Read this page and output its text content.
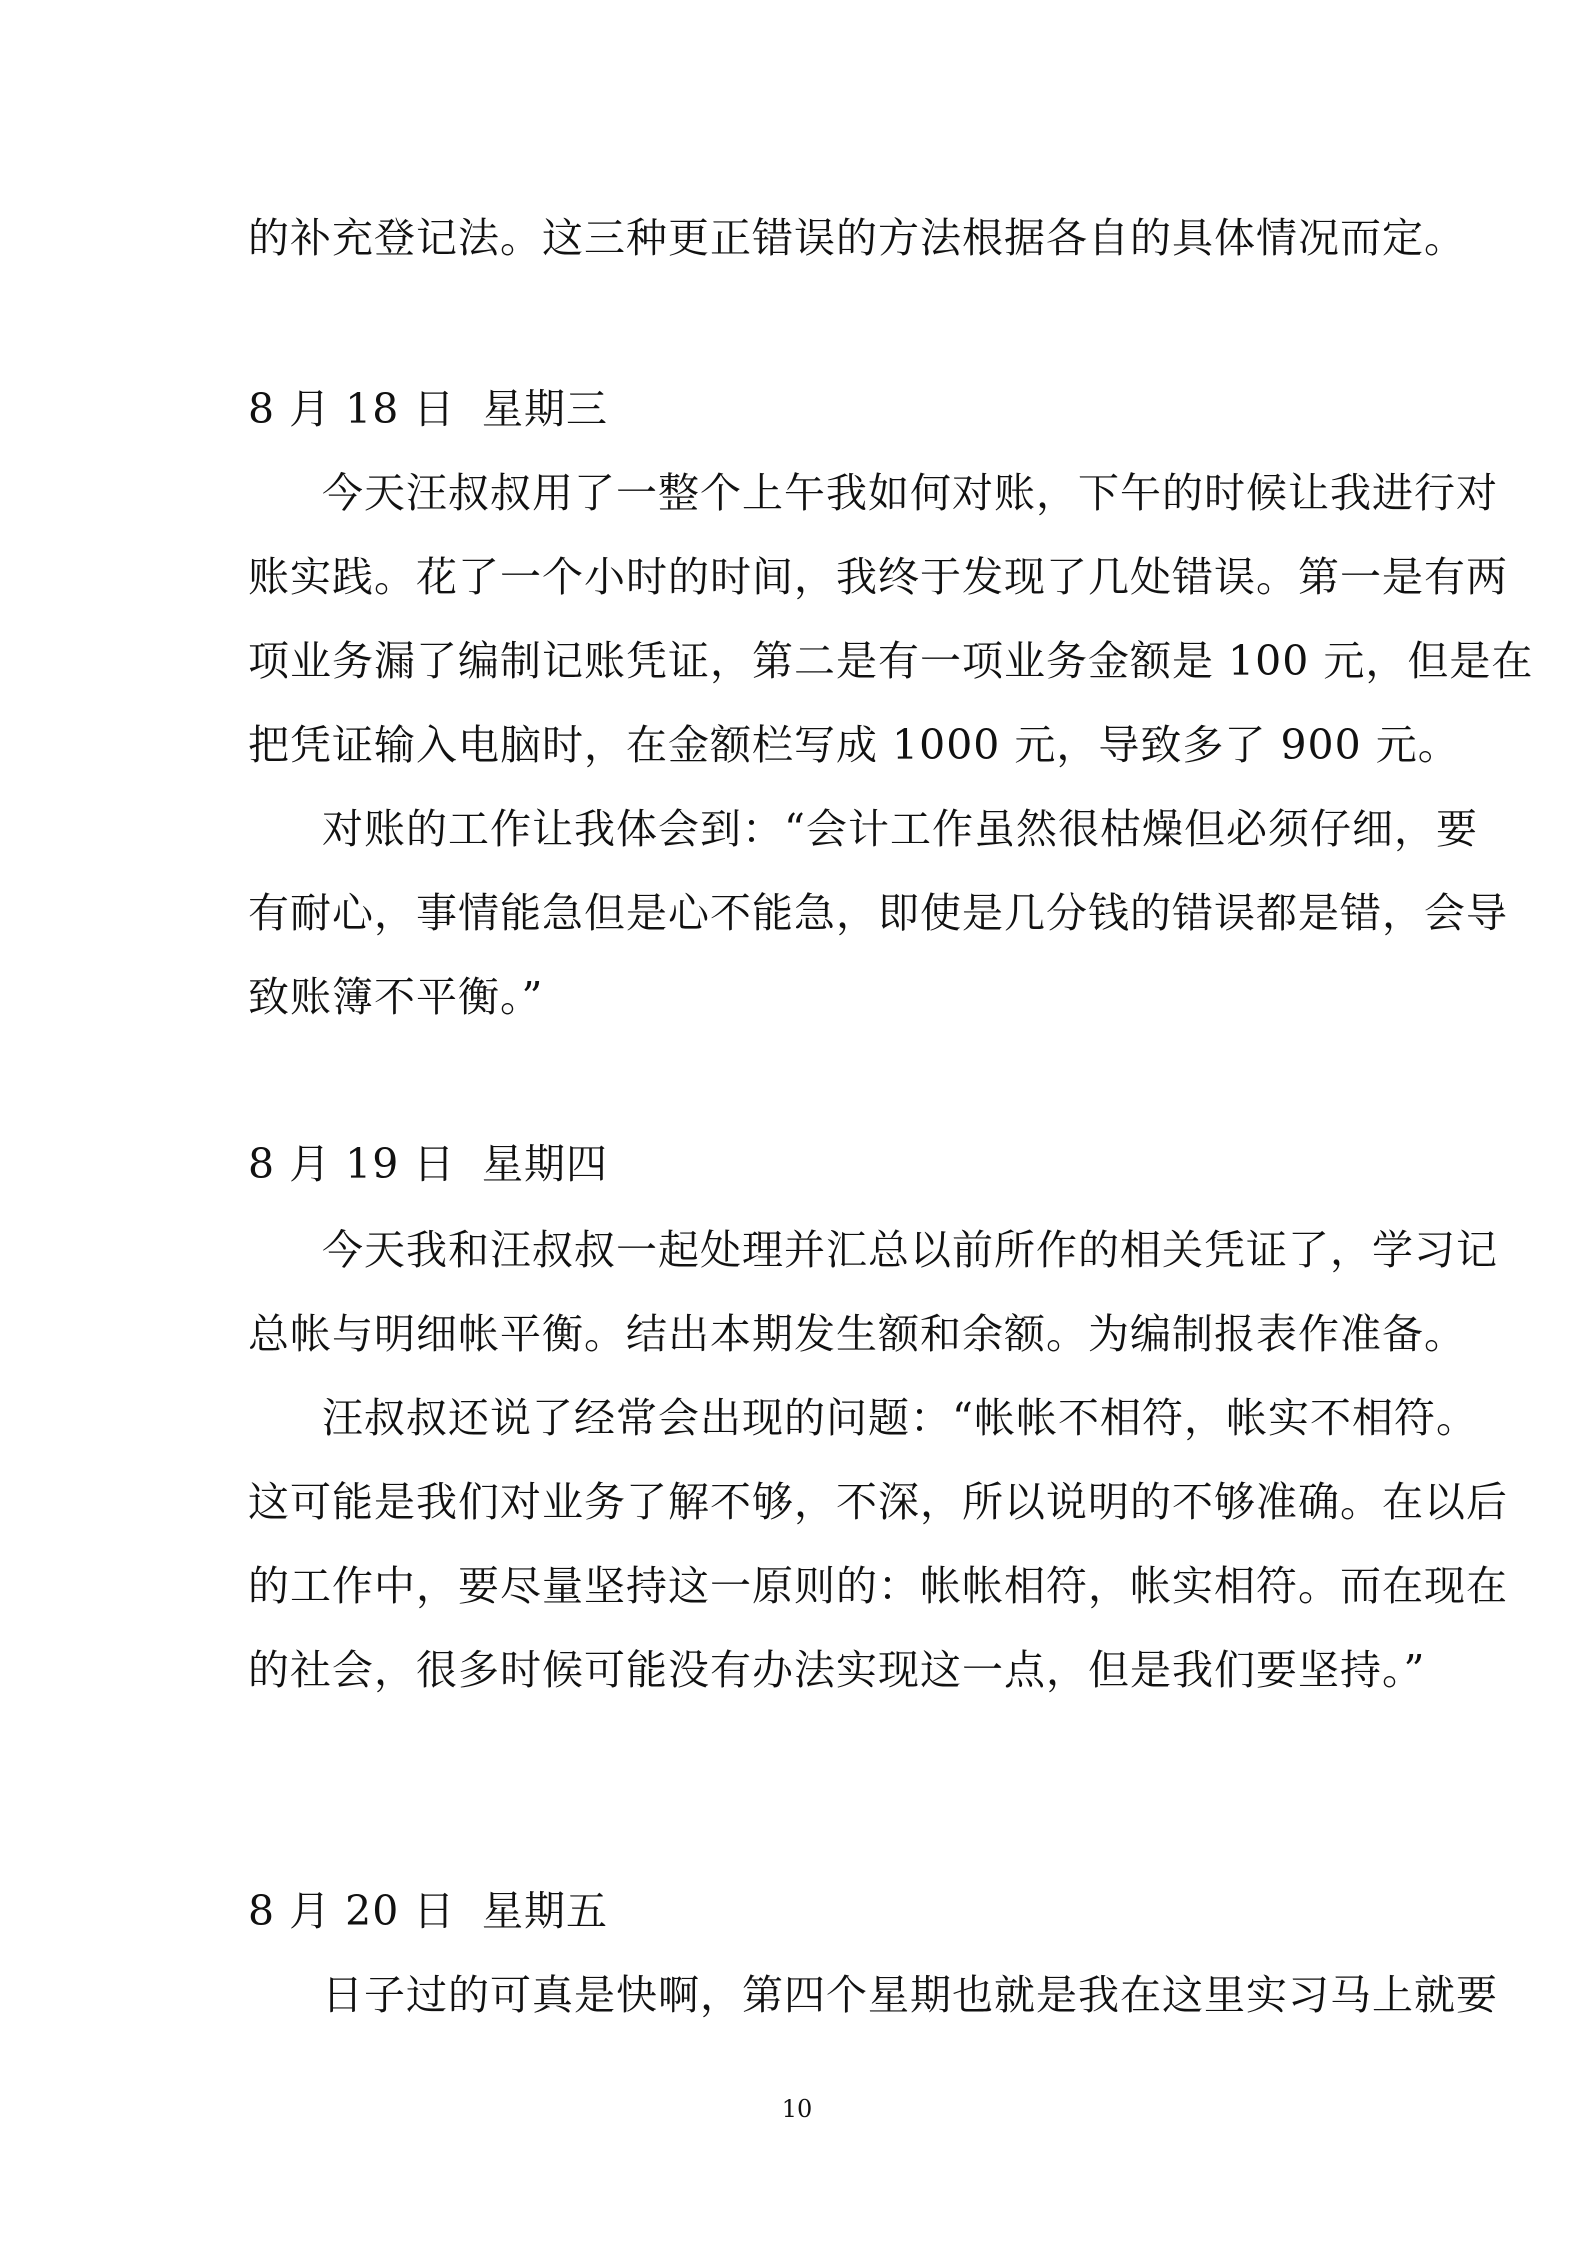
的补充登记法。这三种更正错误的方法根据各自的具体情况而定。
8 月 18 日 星期三
今天汪叔叔用了一整个上午我如何对账，下午的时候让我进行对
账实践。花了一个小时的时间，我终于发现了几处错误。第一是有两
项业务漏了编制记账凭证，第二是有一项业务金额是 100 元，但是在
把凭证输入电脑时，在金额栏写成 1000 元，导致多了 900 元。
对账的工作让我体会到：“会计工作虽然很枯燥但必须仔细，要
有耐心，事情能急但是心不能急，即使是几分钱的错误都是错，会导
致账簿不平衡。”
8 月 19 日 星期四
今天我和汪叔叔一起处理并汇总以前所作的相关凭证了，学习记
总帐与明细帐平衡。结出本期发生额和余额。为编制报表作准备。
汪叔叔还说了经常会出现的问题：“帐帐不相符，帐实不相符。
这可能是我们对业务了解不够，不深，所以说明的不够准确。在以后
的工作中，要尽量坚持这一原则的：帐帐相符，帐实相符。而在现在
的社会，很多时候可能没有办法实现这一点，但是我们要坚持。”
8 月 20 日 星期五
日子过的可真是快啊，第四个星期也就是我在这里实习马上就要
10
